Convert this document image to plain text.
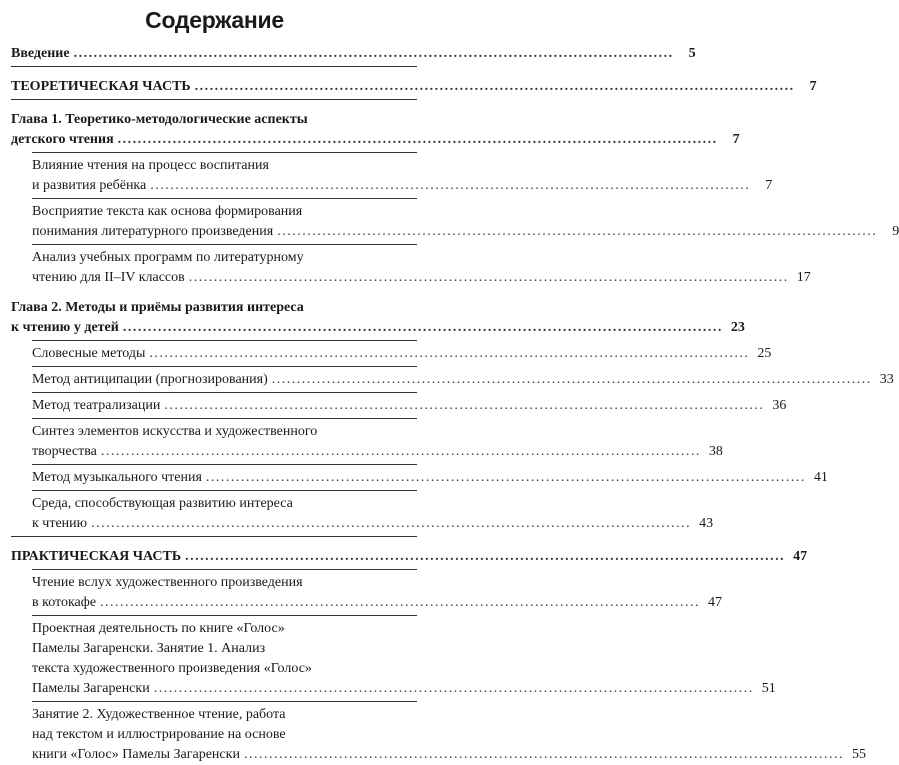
Содержание
Введение ........................................................................................................................	5
ТЕОРЕТИЧЕСКАЯ ЧАСТЬ ........................................................................................................................	7
Глава 1. Теоретико-методологические аспекты
детского чтения ........................................................................................................................	7
Влияние чтения на процесс воспитания
и развития ребёнка ........................................................................................................................	7
Восприятие текста как основа формирования
понимания литературного произведения ........................................................................................................................	9
Анализ учебных программ по литературному
чтению для II–IV классов ........................................................................................................................ 17
Глава 2. Методы и приёмы развития интереса
к чтению у детей ........................................................................................................................ 23
Словесные методы ........................................................................................................................ 25
Метод антиципации (прогнозирования) ........................................................................................................................ 33
Метод театрализации ........................................................................................................................ 36
Синтез элементов искусства и художественного
творчества ........................................................................................................................ 38
Метод музыкального чтения ........................................................................................................................ 41
Среда, способствующая развитию интереса
к чтению ........................................................................................................................ 43
ПРАКТИЧЕСКАЯ ЧАСТЬ ........................................................................................................................ 47
Чтение вслух художественного произведения
в котокафе ........................................................................................................................ 47
Проектная деятельность по книге «Голос»
Памелы Загаренски. Занятие 1. Анализ
текста художественного произведения «Голос»
Памелы Загаренски ........................................................................................................................ 51
Занятие 2. Художественное чтение, работа
над текстом и иллюстрирование на основе
книги «Голос» Памелы Загаренски ........................................................................................................................ 55
